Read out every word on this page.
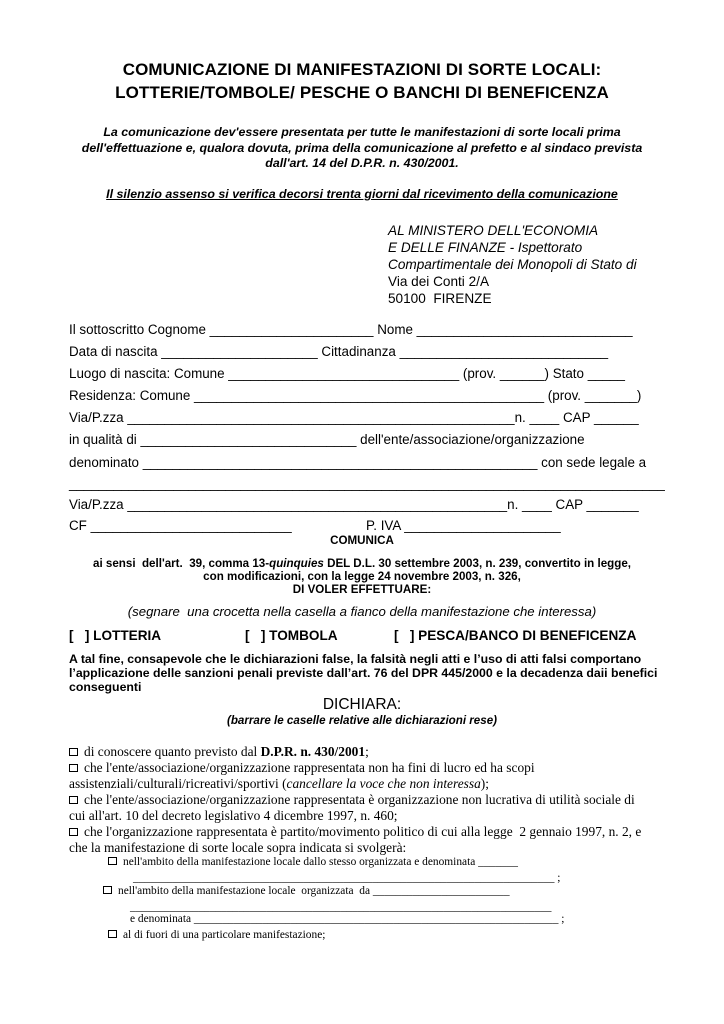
COMUNICAZIONE DI MANIFESTAZIONI DI SORTE LOCALI:
LOTTERIE/TOMBOLE/ PESCHE O BANCHI DI BENEFICENZA
La comunicazione dev'essere presentata per tutte le manifestazioni di sorte locali prima dell'effettuazione e, qualora dovuta, prima della comunicazione al prefetto e al sindaco prevista dall'art. 14 del D.P.R. n. 430/2001.
Il silenzio assenso si verifica decorsi trenta giorni dal ricevimento della comunicazione
AL MINISTERO DELL'ECONOMIA
E DELLE FINANZE - Ispettorato
Compartimentale dei Monopoli di Stato di
Via dei Conti 2/A
50100  FIRENZE
Il sottoscritto Cognome ______________________ Nome _____________________________
Data di nascita _____________________ Cittadinanza ____________________________
Luogo di nascita: Comune _______________________________ (prov. ______) Stato _____
Residenza: Comune _______________________________________________ (prov. _______)
Via/P.zza ____________________________________________________n. ____ CAP ______
in qualità di _____________________________ dell'ente/associazione/organizzazione
denominato _____________________________________________________ con sede legale a
________________________________________________________________________________
Via/P.zza ___________________________________________________n. ____ CAP _______
CF ___________________________                    P. IVA _____________________
COMUNICA
ai sensi  dell'art.  39, comma 13-quinquies DEL D.L. 30 settembre 2003, n. 239, convertito in legge,
con modificazioni, con la legge 24 novembre 2003, n. 326,
DI VOLER EFFETTUARE:
(segnare  una crocetta nella casella a fianco della manifestazione che interessa)
[   ] LOTTERIA	[   ] TOMBOLA	[   ] PESCA/BANCO DI BENEFICENZA
A tal fine, consapevole che le dichiarazioni false, la falsità negli atti e l’uso di atti falsi comportano l’applicazione delle sanzioni penali previste dall’art. 76 del DPR 445/2000 e la decadenza daii benefici conseguenti
DICHIARA:
(barrare le caselle relative alle dichiarazioni rese)
di conoscere quanto previsto dal D.P.R. n. 430/2001;
che l'ente/associazione/organizzazione rappresentata non ha fini di lucro ed ha scopi
assistenziali/culturali/ricreativi/sportivi (cancellare la voce che non interessa);
che l'ente/associazione/organizzazione rappresentata è organizzazione non lucrativa di utilità sociale di
cui all'art. 10 del decreto legislativo 4 dicembre 1997, n. 460;
che l'organizzazione rappresentata è partito/movimento politico di cui alla legge  2 gennaio 1997, n. 2, e
che la manifestazione di sorte locale sopra indicata si svolgerà:
nell'ambito della manifestazione locale dallo stesso organizzata e denominata _______
__________________________________________________________________________ ;
nell'ambito della manifestazione locale  organizzata  da ________________________
__________________________________________________________________________
e denominata ________________________________________________________________ ;
al di fuori di una particolare manifestazione;
